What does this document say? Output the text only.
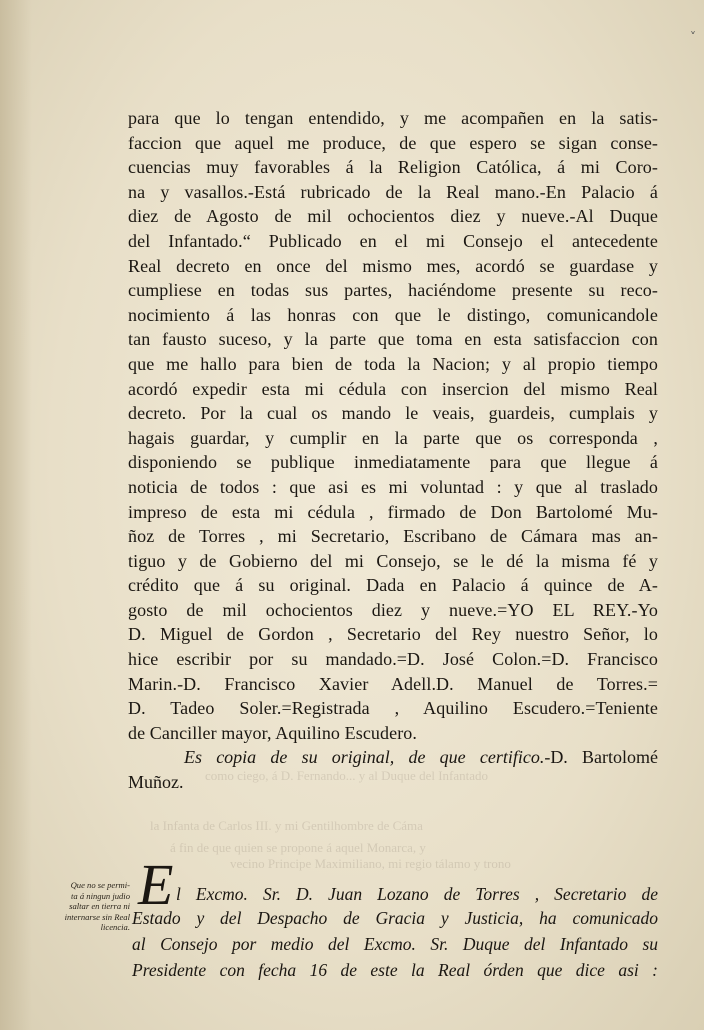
˅
como ciego, á D. Fernando... y al Duque del Infantado
la Infanta de Carlos III. y mi Gentilhombre de Cáma
á fin de que quien se propone á aquel Monarca, y
vecino Principe Maximiliano, mi regio tálamo y trono
para que lo tengan entendido, y me acompañen en la satis-
faccion que aquel me produce, de que espero se sigan conse-
cuencias muy favorables á la Religion Católica, á mi Coro-
na y vasallos.-Está rubricado de la Real mano.-En Palacio á
diez de Agosto de mil ochocientos diez y nueve.-Al Duque
del Infantado.“ Publicado en el mi Consejo el antecedente
Real decreto en once del mismo mes, acordó se guardase y
cumpliese en todas sus partes, haciéndome presente su reco-
nocimiento á las honras con que le distingo, comunicandole
tan fausto suceso, y la parte que toma en esta satisfaccion con
que me hallo para bien de toda la Nacion; y al propio tiempo
acordó expedir esta mi cédula con insercion del mismo Real
decreto. Por la cual os mando le veais, guardeis, cumplais y
hagais guardar, y cumplir en la parte que os corresponda ,
disponiendo se publique inmediatamente para que llegue á
noticia de todos : que asi es mi voluntad : y que al traslado
impreso de esta mi cédula , firmado de Don Bartolomé Mu-
ñoz de Torres , mi Secretario, Escribano de Cámara mas an-
tiguo y de Gobierno del mi Consejo, se le dé la misma fé y
crédito que á su original. Dada en Palacio á quince de A-
gosto de mil ochocientos diez y nueve.=YO EL REY.-Yo
D. Miguel de Gordon , Secretario del Rey nuestro Señor, lo
hice escribir por su mandado.=D. José Colon.=D. Francisco
Marin.-D. Francisco Xavier Adell.D. Manuel de Torres.=
D. Tadeo Soler.=Registrada , Aquilino Escudero.=Teniente
de Canciller mayor, Aquilino Escudero.
Es copia de su original, de que certifico.-D. Bartolomé
Muñoz.
Que no se permi-
ta á ningun judio
saltar en tierra ni
internarse sin Real
licencia.
E l Excmo. Sr. D. Juan Lozano de Torres , Secretario de
Estado y del Despacho de Gracia y Justicia, ha comunicado
al Consejo por medio del Excmo. Sr. Duque del Infantado su
Presidente con fecha 16 de este la Real órden que dice asi :
